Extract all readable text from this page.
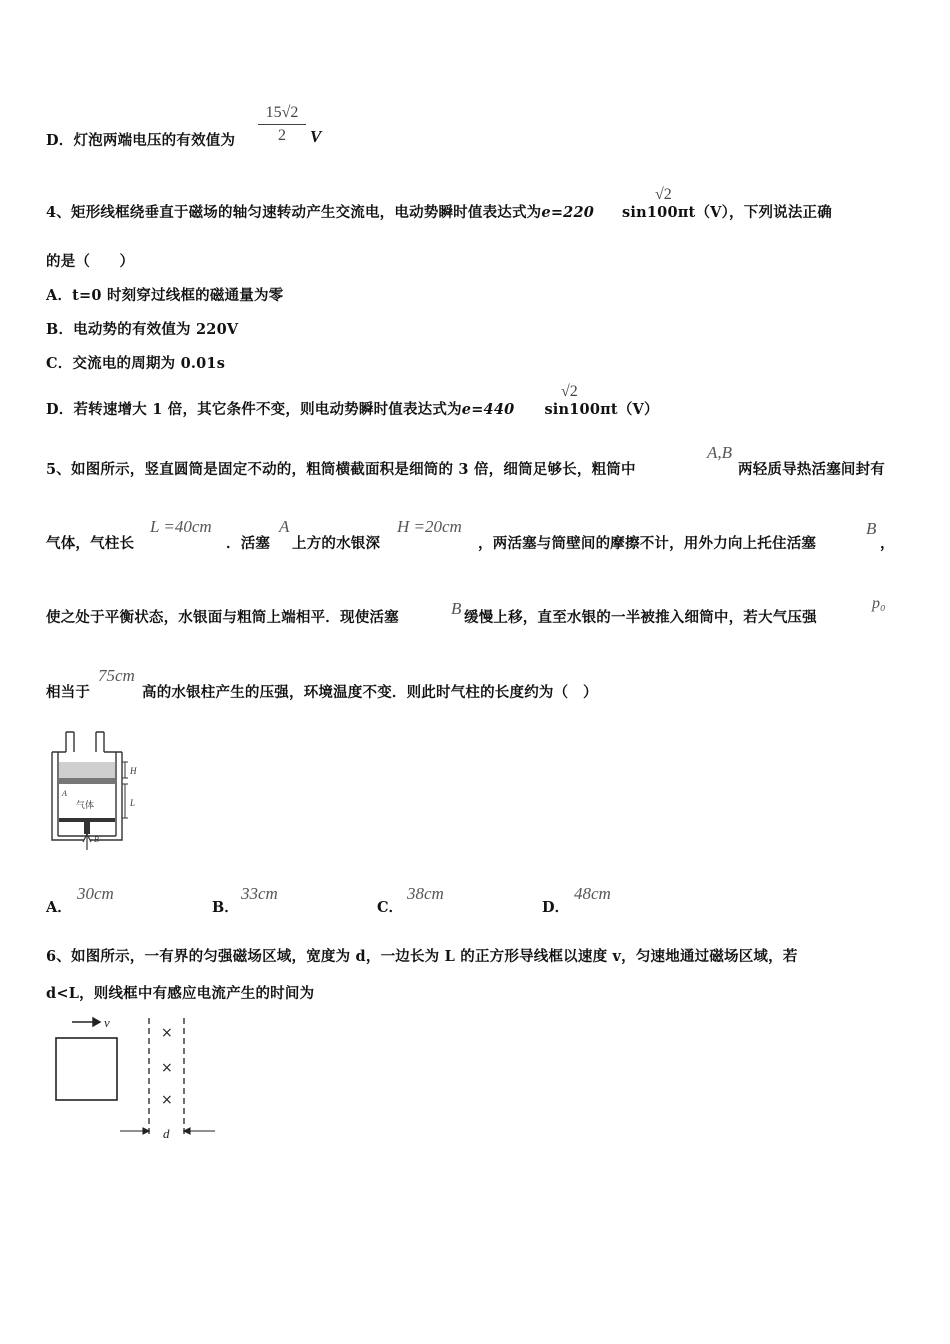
D．灯泡两端电压的有效值为 $\frac{15√2}{2}$ V
4、矩形线框绕垂直于磁场的轴匀速转动产生交流电，电动势瞬时值表达式为e=220 sin100πt（V），下列说法正确
√2
的是（　　）
A．t=0 时刻穿过线框的磁通量为零
B．电动势的有效值为 220V
C．交流电的周期为 0.01s
D．若转速增大 1 倍，其它条件不变，则电动势瞬时值表达式为e=440 sin100πt（V）
√2
5、如图所示，竖直圆筒是固定不动的，粗筒横截面积是细筒的 3 倍，细筒足够长，粗筒中
A,B
两轻质导热活塞间封有
气体，气柱长
L =40cm
．活塞
A
上方的水银深
H =20cm
，两活塞与筒壁间的摩擦不计，用外力向上托住活塞
B
，
使之处于平衡状态，水银面与粗筒上端相平．现使活塞	B 缓慢上移，直至水银的一半被推入细筒中，若大气压强
p₀
75cm
相当于	高的水银柱产生的压强，环境温度不变．则此时气柱的长度约为（　）
H
L
A
气体
B
A．
30cm
B．
33cm
C．
38cm
D．
48cm
6、如图所示，一有界的匀强磁场区域，宽度为 d，一边长为 L 的正方形导线框以速度 v，匀速地通过磁场区域，若
d<L，则线框中有感应电流产生的时间为
v
×
×
×
d
